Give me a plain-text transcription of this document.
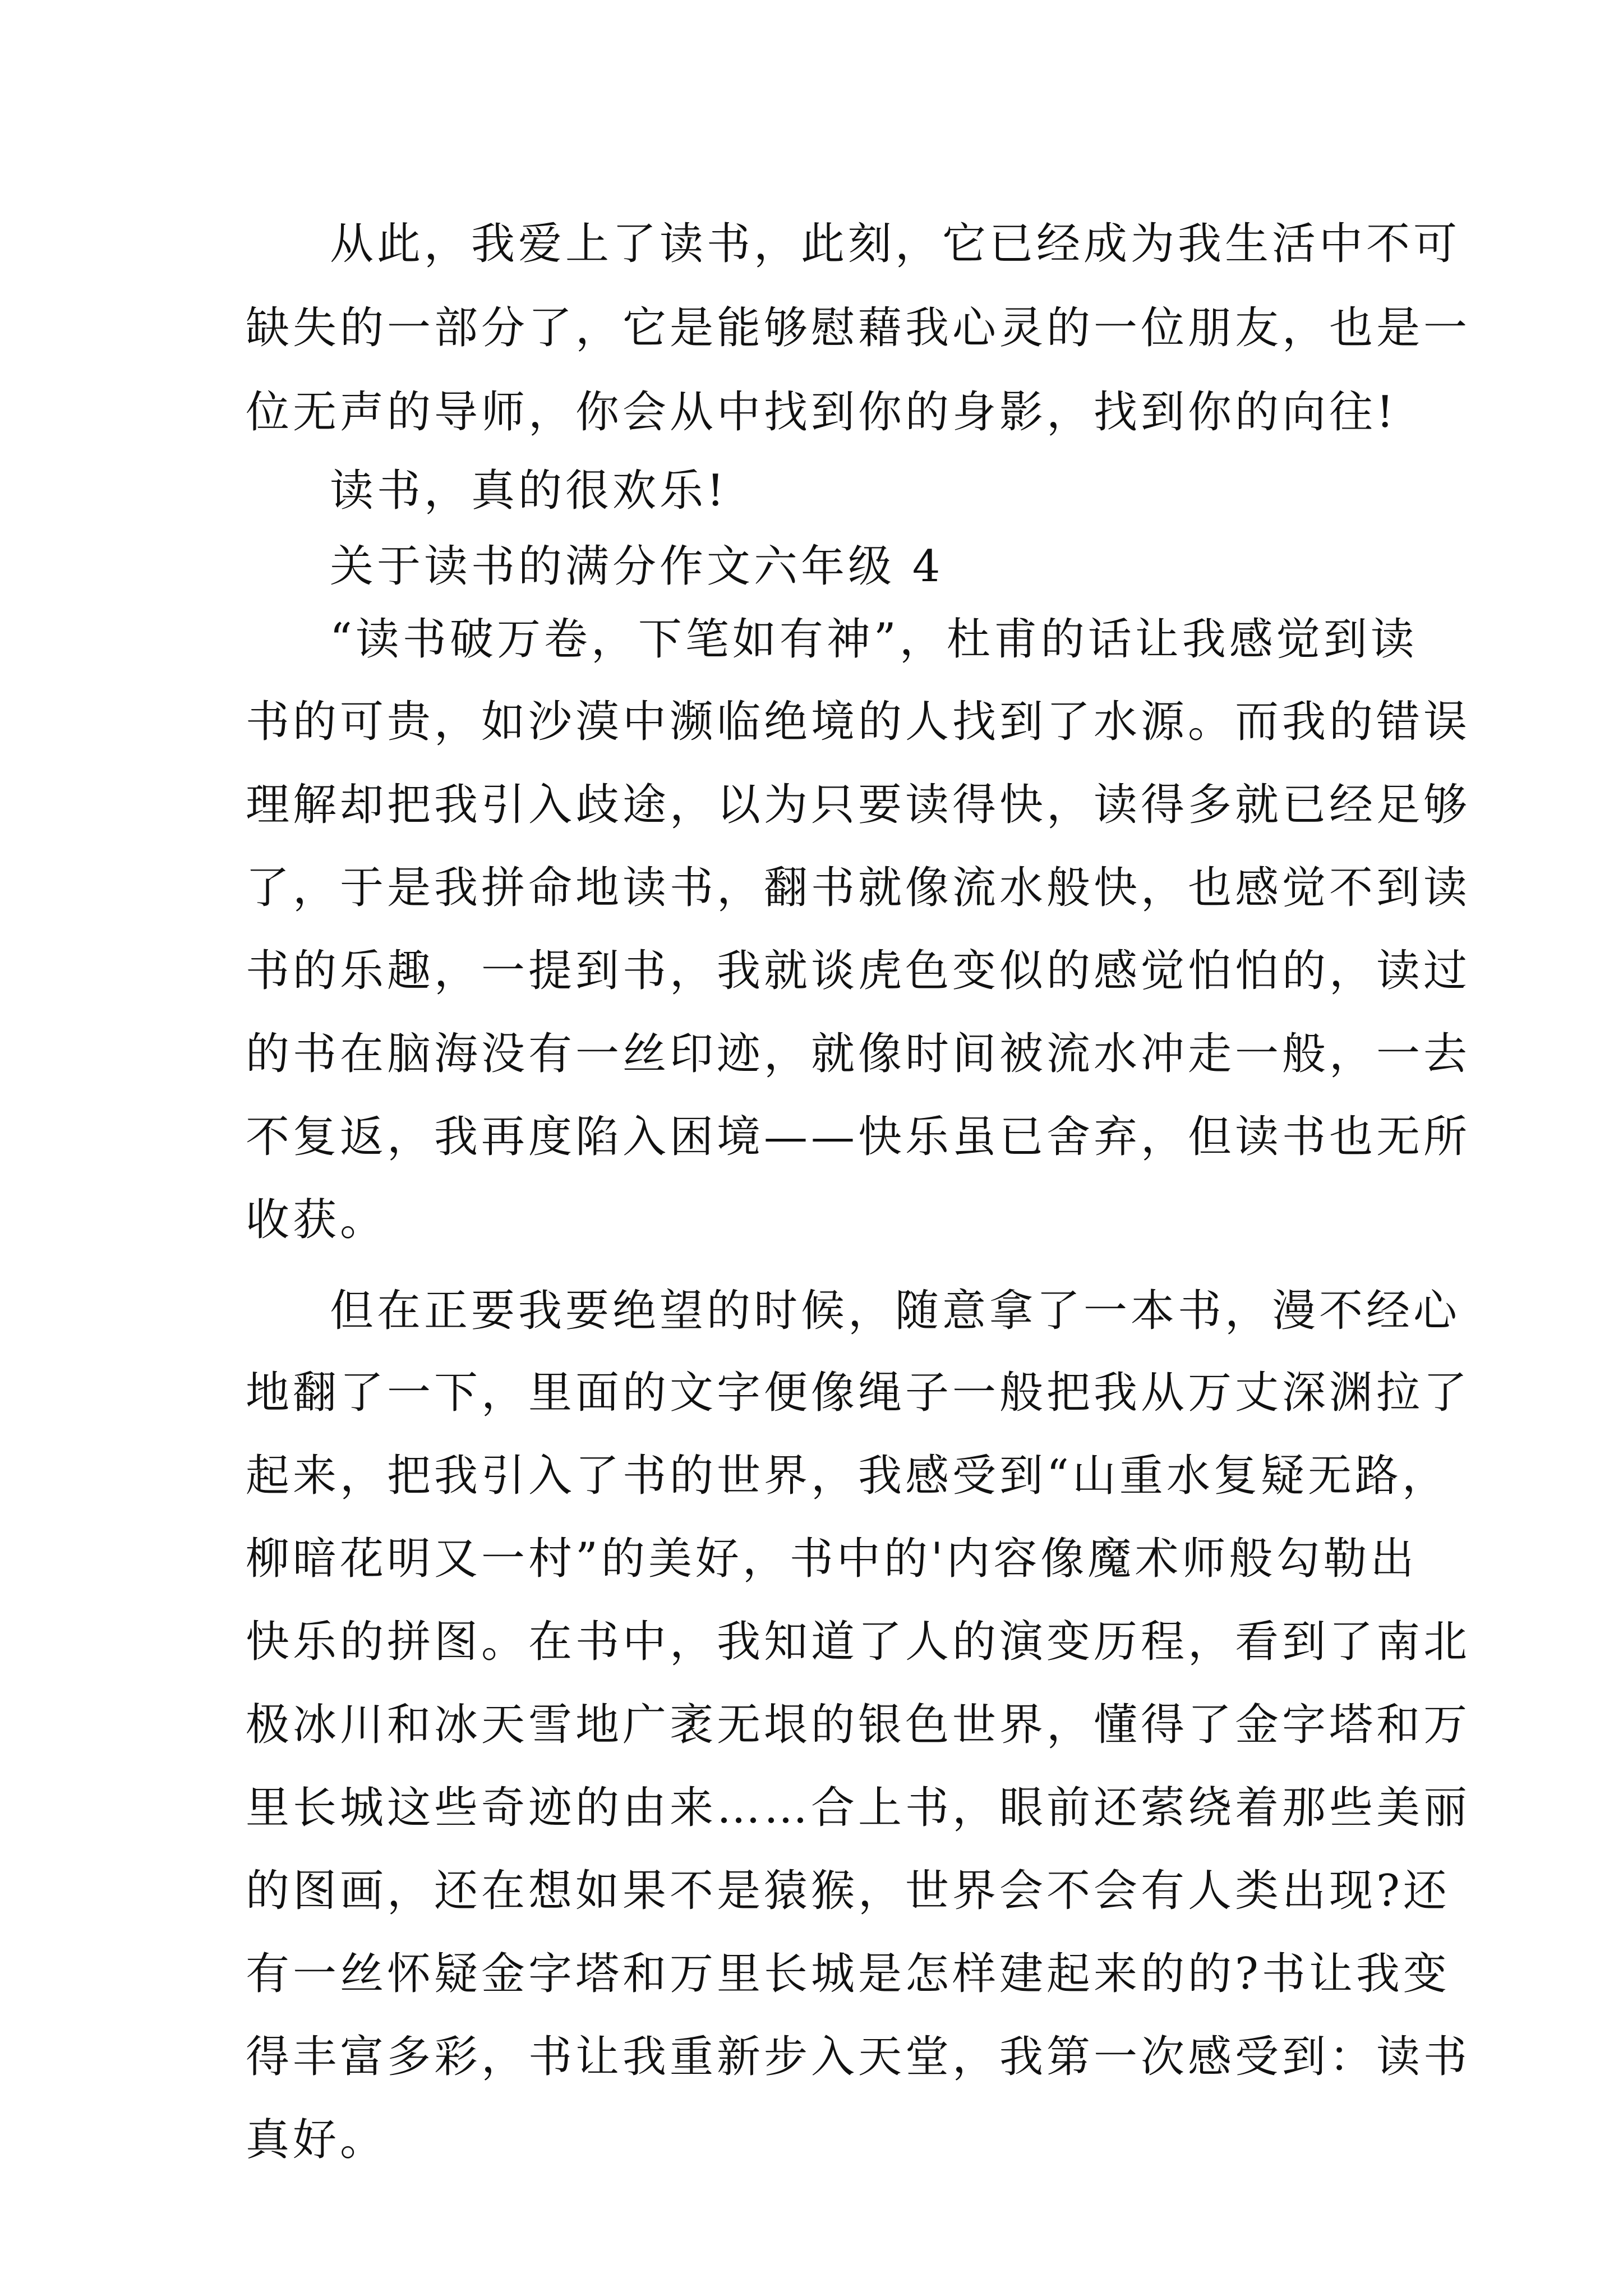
从此，我爱上了读书，此刻，它已经成为我生活中不可
缺失的一部分了，它是能够慰藉我心灵的一位朋友，也是一
位无声的导师，你会从中找到你的身影，找到你的向往!
读书，真的很欢乐!
关于读书的满分作文六年级 4
“读书破万卷，下笔如有神”，杜甫的话让我感觉到读
书的可贵，如沙漠中濒临绝境的人找到了水源。而我的错误
理解却把我引入歧途，以为只要读得快，读得多就已经足够
了，于是我拼命地读书，翻书就像流水般快，也感觉不到读
书的乐趣，一提到书，我就谈虎色变似的感觉怕怕的，读过
的书在脑海没有一丝印迹，就像时间被流水冲走一般，一去
不复返，我再度陷入困境——快乐虽已舍弃，但读书也无所
收获。
但在正要我要绝望的时候，随意拿了一本书，漫不经心
地翻了一下，里面的文字便像绳子一般把我从万丈深渊拉了
起来，把我引入了书的世界，我感受到“山重水复疑无路，
柳暗花明又一村”的美好，书中的'内容像魔术师般勾勒出
快乐的拼图。在书中，我知道了人的演变历程，看到了南北
极冰川和冰天雪地广袤无垠的银色世界，懂得了金字塔和万
里长城这些奇迹的由来……合上书，眼前还萦绕着那些美丽
的图画，还在想如果不是猿猴，世界会不会有人类出现?还
有一丝怀疑金字塔和万里长城是怎样建起来的的?书让我变
得丰富多彩，书让我重新步入天堂，我第一次感受到：读书
真好。
